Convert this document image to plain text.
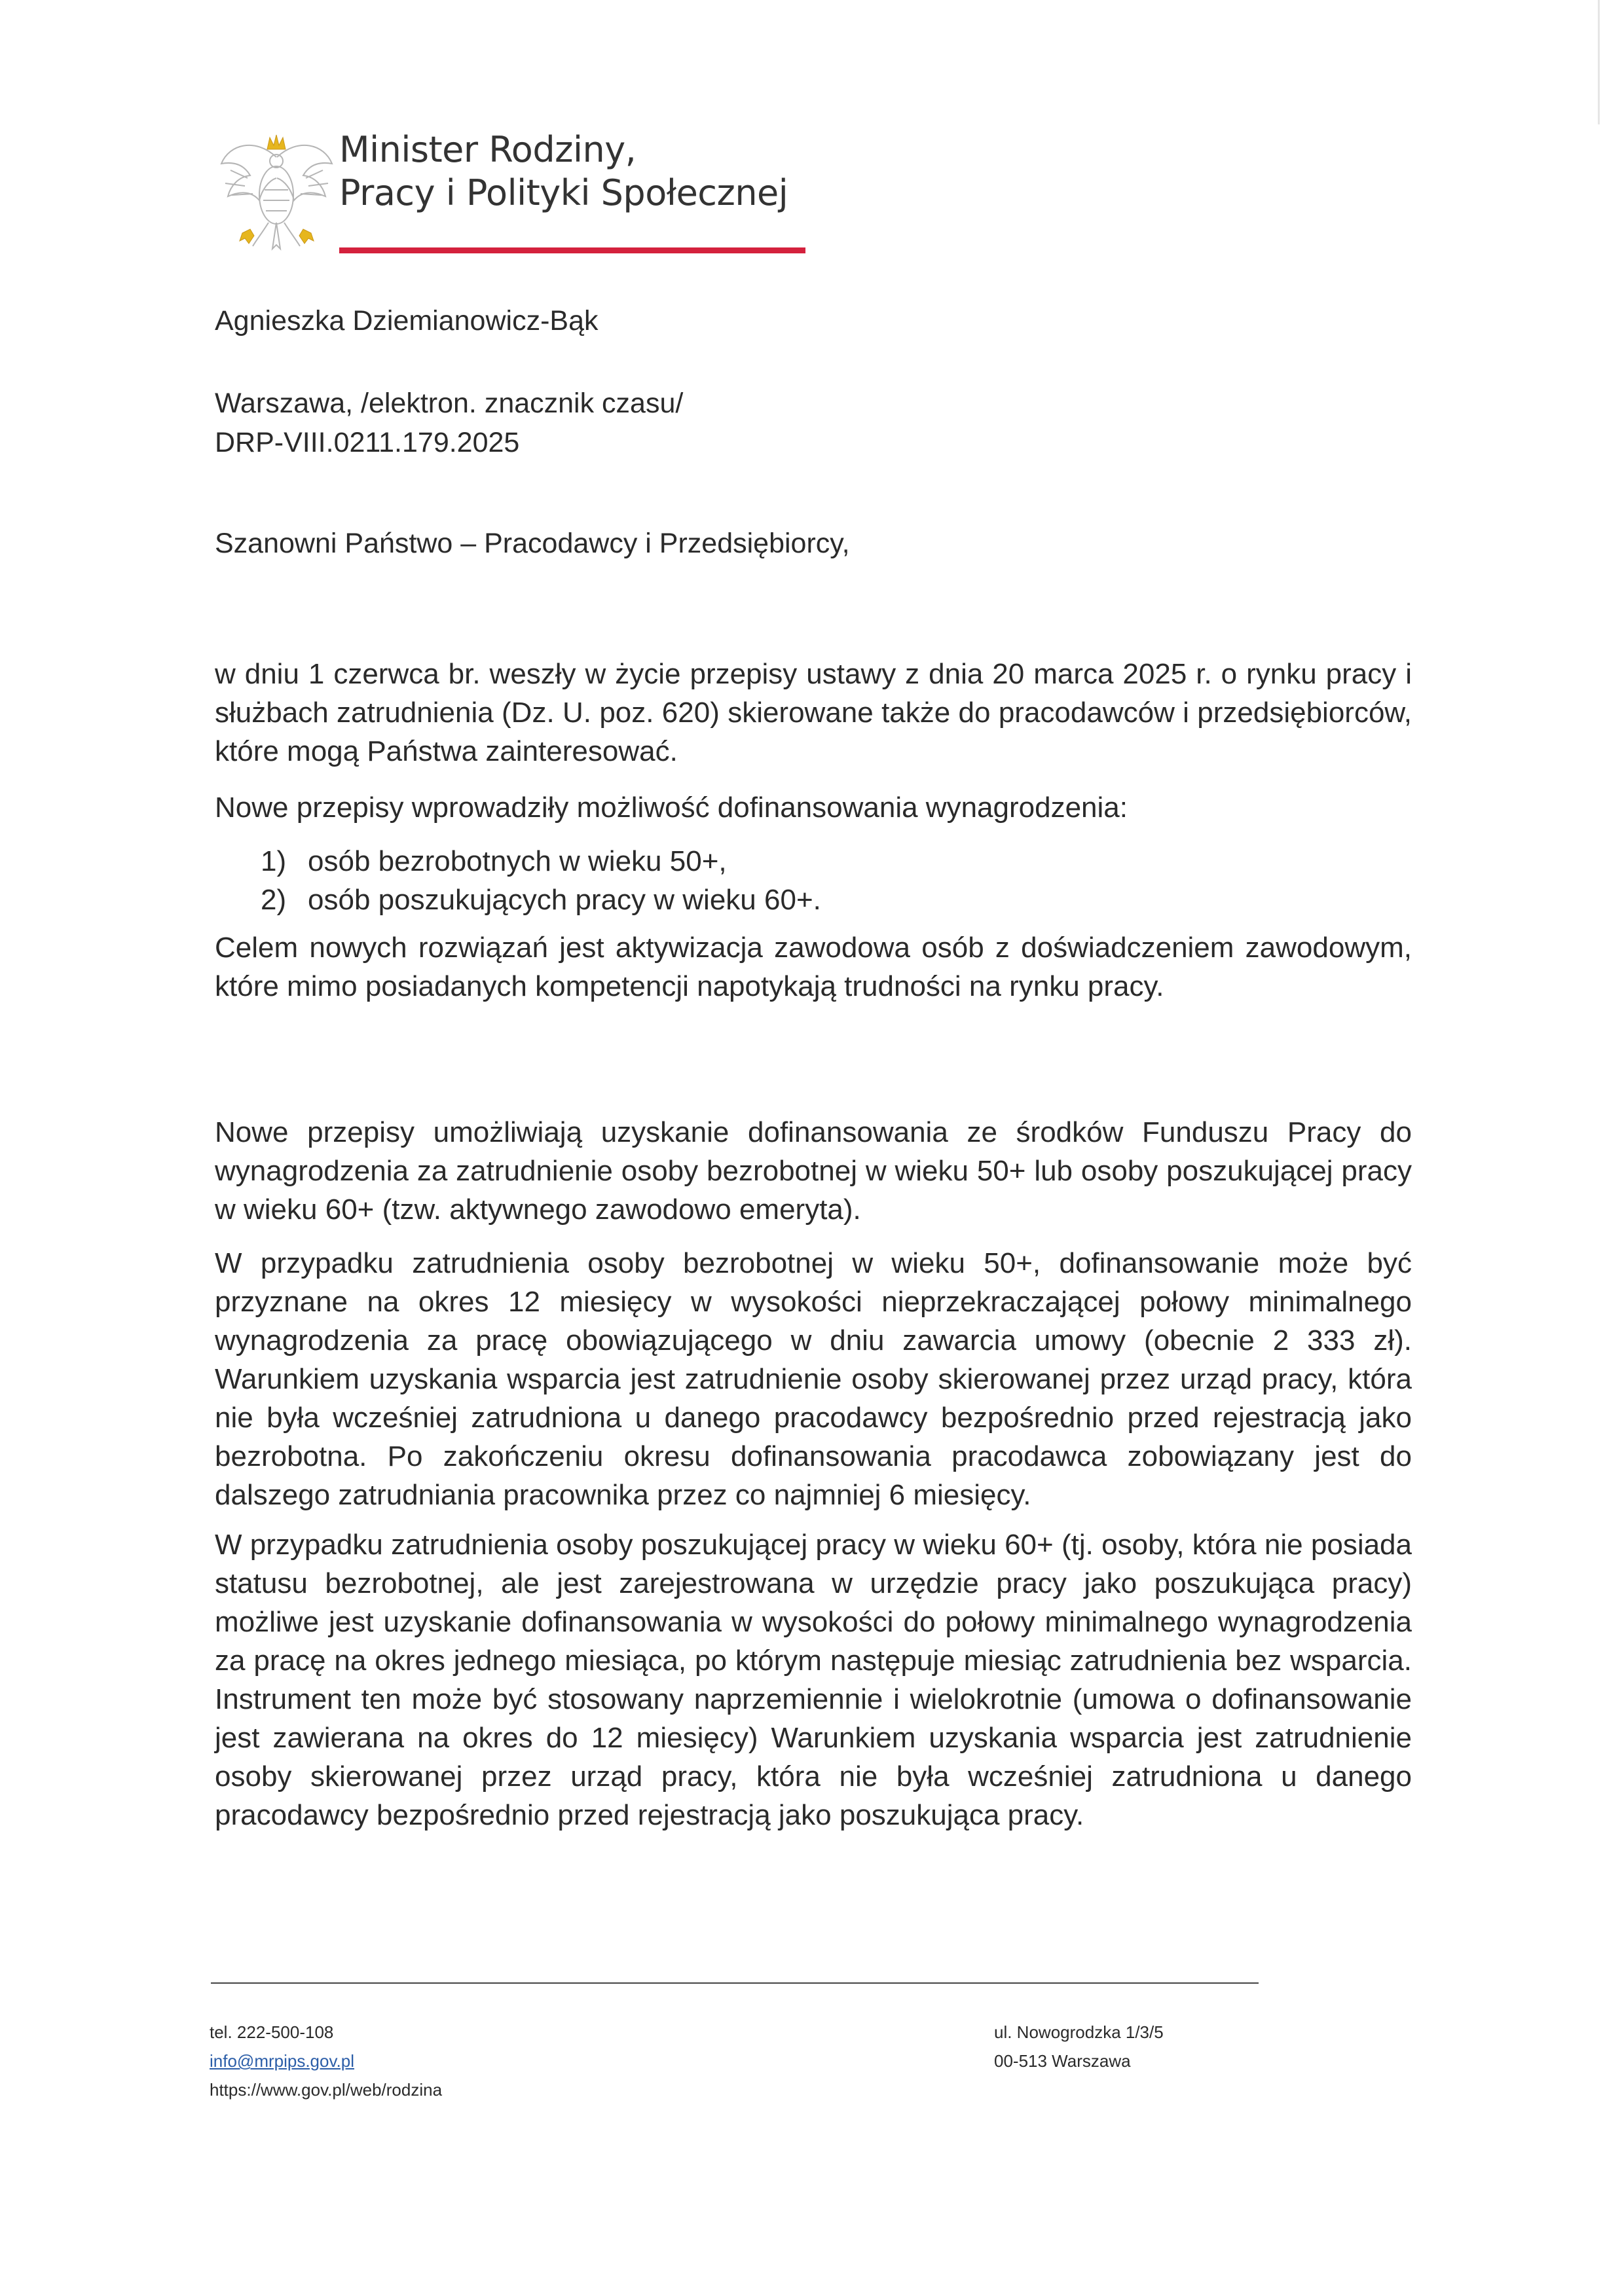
Minister Rodziny,
Pracy i Polityki Społecznej
Agnieszka Dziemianowicz-Bąk
Warszawa, /elektron. znacznik czasu/
DRP-VIII.0211.179.2025
Szanowni Państwo – Pracodawcy i Przedsiębiorcy,
w dniu 1 czerwca br. weszły w życie przepisy ustawy z dnia 20 marca 2025 r. o rynku pracy i służbach zatrudnienia (Dz. U. poz. 620) skierowane także do pracodawców i przedsiębiorców, które mogą Państwa zainteresować.
Nowe przepisy wprowadziły możliwość dofinansowania wynagrodzenia:
1) osób bezrobotnych w wieku 50+,
2) osób poszukujących pracy w wieku 60+.
Celem nowych rozwiązań jest aktywizacja zawodowa osób z doświadczeniem zawodowym, które mimo posiadanych kompetencji napotykają trudności na rynku pracy.
Nowe przepisy umożliwiają uzyskanie dofinansowania ze środków Funduszu Pracy do wynagrodzenia za zatrudnienie osoby bezrobotnej w wieku 50+ lub osoby poszukującej pracy w wieku 60+ (tzw. aktywnego zawodowo emeryta).
W przypadku zatrudnienia osoby bezrobotnej w wieku 50+, dofinansowanie może być przyznane na okres 12 miesięcy w wysokości nieprzekraczającej połowy minimalnego wynagrodzenia za pracę obowiązującego w dniu zawarcia umowy (obecnie 2 333 zł). Warunkiem uzyskania wsparcia jest zatrudnienie osoby skierowanej przez urząd pracy, która nie była wcześniej zatrudniona u danego pracodawcy bezpośrednio przed rejestracją jako bezrobotna. Po zakończeniu okresu dofinansowania pracodawca zobowiązany jest do dalszego zatrudniania pracownika przez co najmniej 6 miesięcy.
W przypadku zatrudnienia osoby poszukującej pracy w wieku 60+ (tj. osoby, która nie posiada statusu bezrobotnej, ale jest zarejestrowana w urzędzie pracy jako poszukująca pracy) możliwe jest uzyskanie dofinansowania w wysokości do połowy minimalnego wynagrodzenia za pracę na okres jednego miesiąca, po którym następuje miesiąc zatrudnienia bez wsparcia. Instrument ten może być stosowany naprzemiennie i wielokrotnie (umowa o dofinansowanie jest zawierana na okres do 12 miesięcy) Warunkiem uzyskania wsparcia jest zatrudnienie osoby skierowanej przez urząd pracy, która nie była wcześniej zatrudniona u danego pracodawcy bezpośrednio przed rejestracją jako poszukująca pracy.
tel. 222-500-108
info@mrpips.gov.pl
https://www.gov.pl/web/rodzina
ul. Nowogrodzka 1/3/5
00-513 Warszawa
